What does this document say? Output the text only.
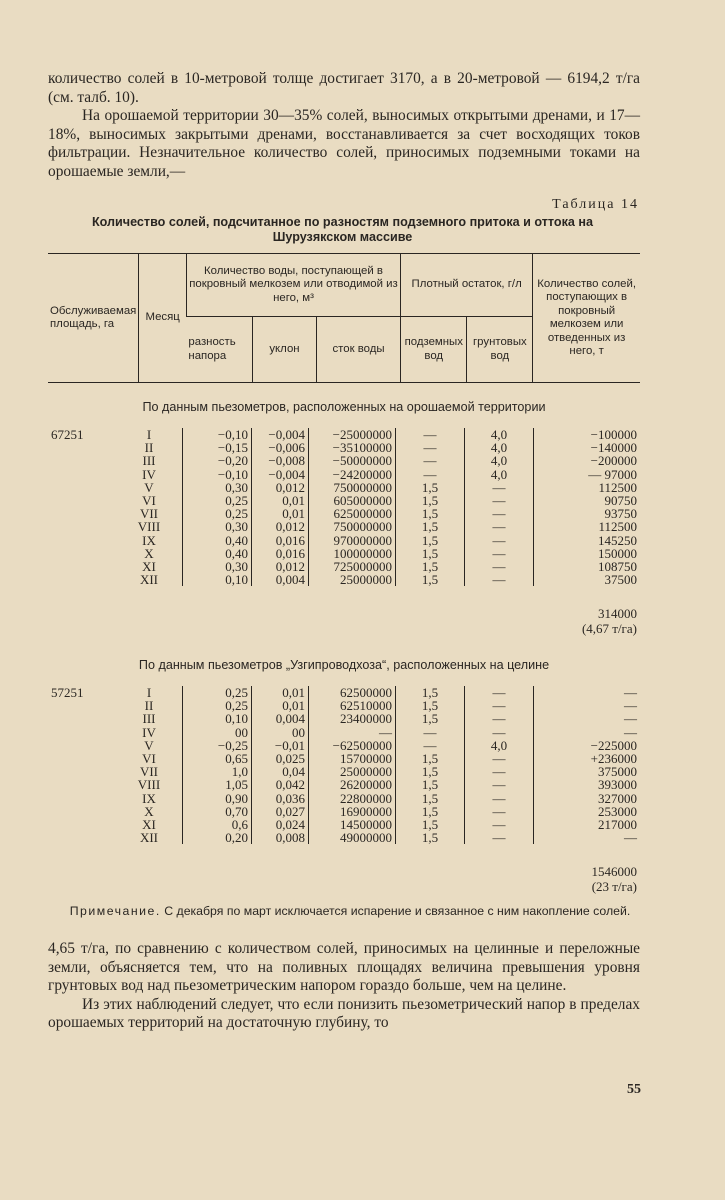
количество солей в 10-метровой толще достигает 3170, а в 20-метровой — 6194,2 т/га (см. талб. 10).
На орошаемой территории 30—35% солей, выносимых открытыми дренами, и 17—18%, выносимых закрытыми дренами, восстанавливается за счет восходящих токов фильтрации. Незначительное количество солей, приносимых подземными токами на орошаемые земли,—

Таблица 14
Количество солей, подсчитанное по разностям подземного притока и оттока на
Шурузякском массиве
Обслуживаемая площадь, га	Месяц	Количество воды, поступающей в покровный мелкозем или отводимой из него, м³			Плотный остаток, г/л		Количество солей, поступающих в покровный мелкозем или отведенных из него, т
		разность напора	уклон	сток воды	подземных вод	грунтовых вод	
По данным пьезометров, расположенных на орошаемой территории
67251	I	−0,10	−0,004	−25000000	—	4,0	−100000
	II	−0,15	−0,006	−35100000	—	4,0	−140000
	III	−0,20	−0,008	−50000000	—	4,0	−200000
	IV	−0,10	−0,004	−24200000	—	4,0	— 97000
	V	0,30	0,012	750000000	1,5	—	112500
	VI	0,25	0,01	605000000	1,5	—	90750
	VII	0,25	0,01	625000000	1,5	—	93750
	VIII	0,30	0,012	750000000	1,5	—	112500
	IX	0,40	0,016	970000000	1,5	—	145250
	X	0,40	0,016	100000000	1,5	—	150000
	XI	0,30	0,012	725000000	1,5	—	108750
	XII	0,10	0,004	25000000	1,5	—	37500
314000
(4,67 т/га)
По данным пьезометров „Узгипроводхоза“, расположенных на целине
57251	I	0,25	0,01	62500000	1,5	—	—
	II	0,25	0,01	62510000	1,5	—	—
	III	0,10	0,004	23400000	1,5	—	—
	IV	00	00	—	—	—	—
	V	−0,25	−0,01	−62500000	—	4,0	−225000
	VI	0,65	0,025	15700000	1,5	—	+236000
	VII	1,0	0,04	25000000	1,5	—	375000
	VIII	1,05	0,042	26200000	1,5	—	393000
	IX	0,90	0,036	22800000	1,5	—	327000
	X	0,70	0,027	16900000	1,5	—	253000
	XI	0,6	0,024	14500000	1,5	—	217000
	XII	0,20	0,008	49000000	1,5	—	—
1546000
(23 т/га)
Примечание. С декабря по март исключается испарение и связанное с ним накопление солей.

4,65 т/га, по сравнению с количеством солей, приносимых на целинные и переложные земли, объясняется тем, что на поливных площадях величина превышения уровня грунтовых вод над пьезометрическим напором гораздо больше, чем на целине.
Из этих наблюдений следует, что если понизить пьезометрический напор в пределах орошаемых территорий на достаточную глубину, то

55
